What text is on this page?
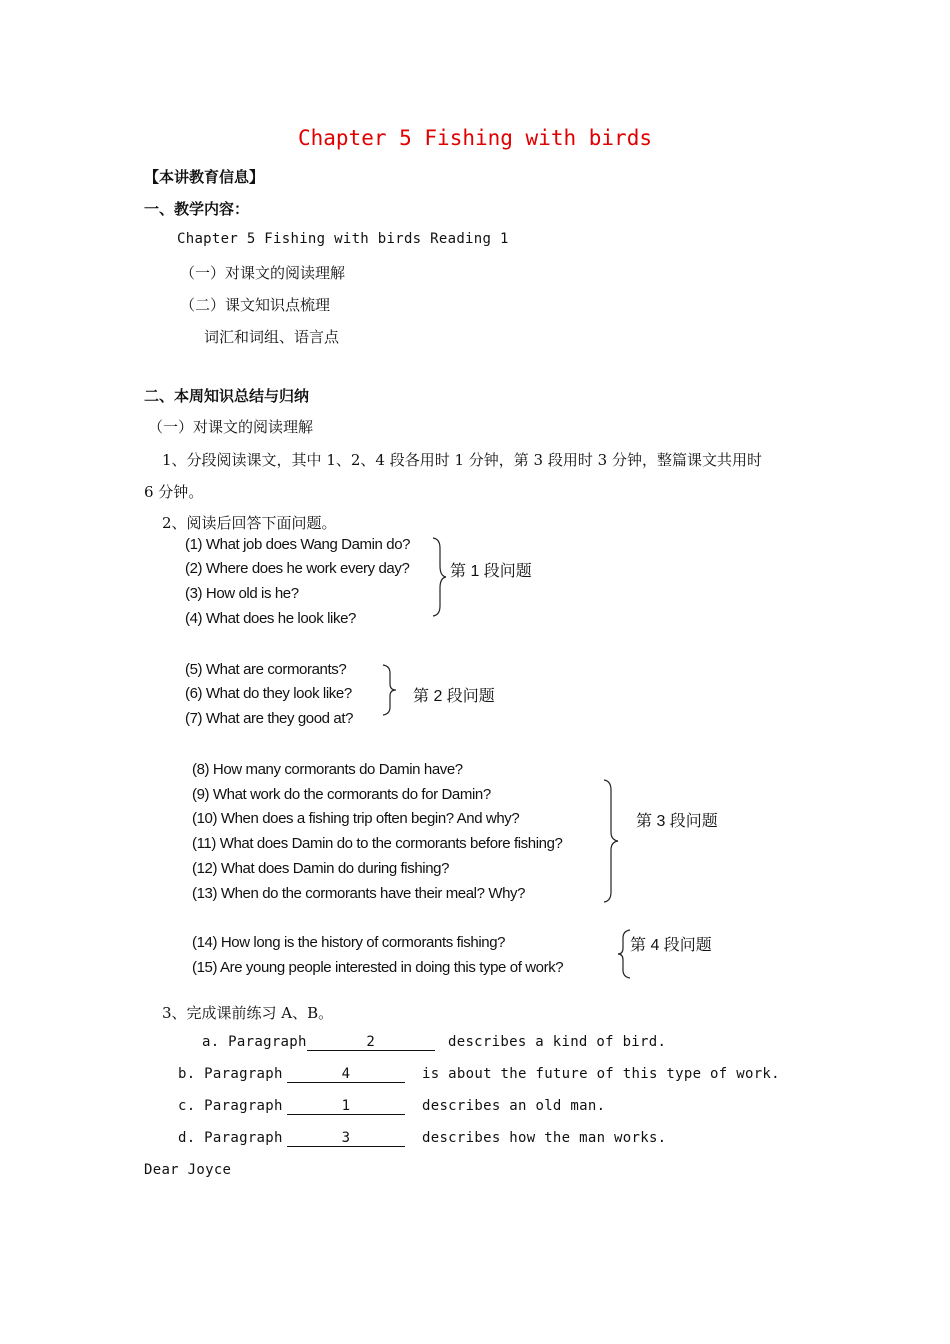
Chapter 5 Fishing with birds
【本讲教育信息】
一、教学内容：
Chapter 5 Fishing with birds Reading 1
（一）对课文的阅读理解
（二）课文知识点梳理
词汇和词组、语言点
二、本周知识总结与归纳
（一）对课文的阅读理解
1、分段阅读课文，其中 1、2、4 段各用时 1 分钟，第 3 段用时 3 分钟，整篇课文共用时
6 分钟。
2、阅读后回答下面问题。
(1) What job does Wang Damin do?
(2) Where does he work every day?
(3) How old is he?
(4) What does he look like?
第 1 段问题
(5) What are cormorants?
(6) What do they look like?
(7) What are they good at?
第 2 段问题
(8) How many cormorants do Damin have?
(9) What work do the cormorants do for Damin?
(10) When does a fishing trip often begin? And why?
(11) What does Damin do to the cormorants before fishing?
(12) What does Damin do during fishing?
(13) When do the cormorants have their meal? Why?
第 3 段问题
(14) How long is the history of cormorants fishing?
(15) Are young people interested in doing this type of work?
第 4 段问题
3、完成课前练习 A、B。
a. Paragraph	2	describes a kind of bird.
b. Paragraph	4	is about the future of this type of work.
c. Paragraph	1	describes an old man.
d. Paragraph	3	describes how the man works.
Dear Joyce
